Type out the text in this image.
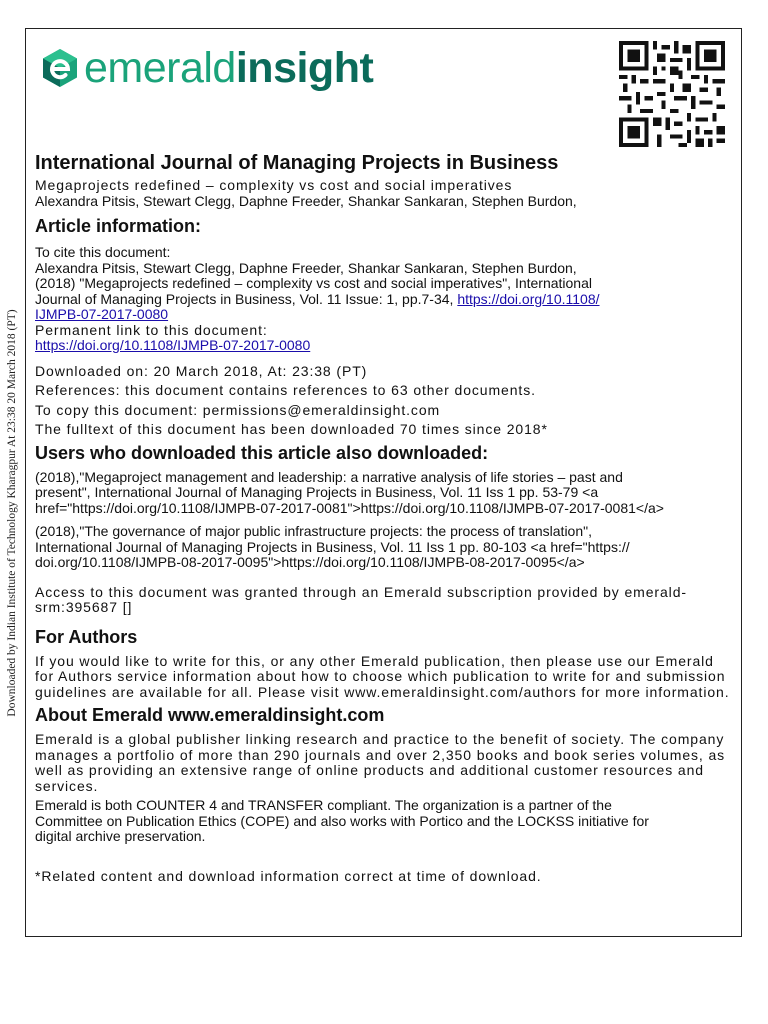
Downloaded by Indian Institute of Technology Kharagpur At 23:38 20 March 2018 (PT)
emeraldinsight

International Journal of Managing Projects in Business

Megaprojects redefined – complexity vs cost and social imperatives

Alexandra Pitsis, Stewart Clegg, Daphne Freeder, Shankar Sankaran, Stephen Burdon,

Article information:

To cite this document:

Alexandra Pitsis, Stewart Clegg, Daphne Freeder, Shankar Sankaran, Stephen Burdon,

(2018) "Megaprojects redefined – complexity vs cost and social imperatives", International

Journal of Managing Projects in Business, Vol. 11 Issue: 1, pp.7-34, https://doi.org/10.1108/

IJMPB-07-2017-0080

Permanent link to this document:

https://doi.org/10.1108/IJMPB-07-2017-0080

Downloaded on: 20 March 2018, At: 23:38 (PT)

References: this document contains references to 63 other documents.

To copy this document: permissions@emeraldinsight.com

The fulltext of this document has been downloaded 70 times since 2018*

Users who downloaded this article also downloaded:

(2018),"Megaproject management and leadership: a narrative analysis of life stories – past and

present", International Journal of Managing Projects in Business, Vol. 11 Iss 1 pp. 53-79 <a

href="https://doi.org/10.1108/IJMPB-07-2017-0081">https://doi.org/10.1108/IJMPB-07-2017-0081</a>

(2018),"The governance of major public infrastructure projects: the process of translation",

International Journal of Managing Projects in Business, Vol. 11 Iss 1 pp. 80-103 <a href="https://

doi.org/10.1108/IJMPB-08-2017-0095">https://doi.org/10.1108/IJMPB-08-2017-0095</a>

Access to this document was granted through an Emerald subscription provided by emerald-

srm:395687 []

For Authors

If you would like to write for this, or any other Emerald publication, then please use our Emerald

for Authors service information about how to choose which publication to write for and submission

guidelines are available for all. Please visit www.emeraldinsight.com/authors for more information.

About Emerald www.emeraldinsight.com

Emerald is a global publisher linking research and practice to the benefit of society. The company

manages a portfolio of more than 290 journals and over 2,350 books and book series volumes, as

well as providing an extensive range of online products and additional customer resources and

services.

Emerald is both COUNTER 4 and TRANSFER compliant. The organization is a partner of the

Committee on Publication Ethics (COPE) and also works with Portico and the LOCKSS initiative for

digital archive preservation.

*Related content and download information correct at time of download.
